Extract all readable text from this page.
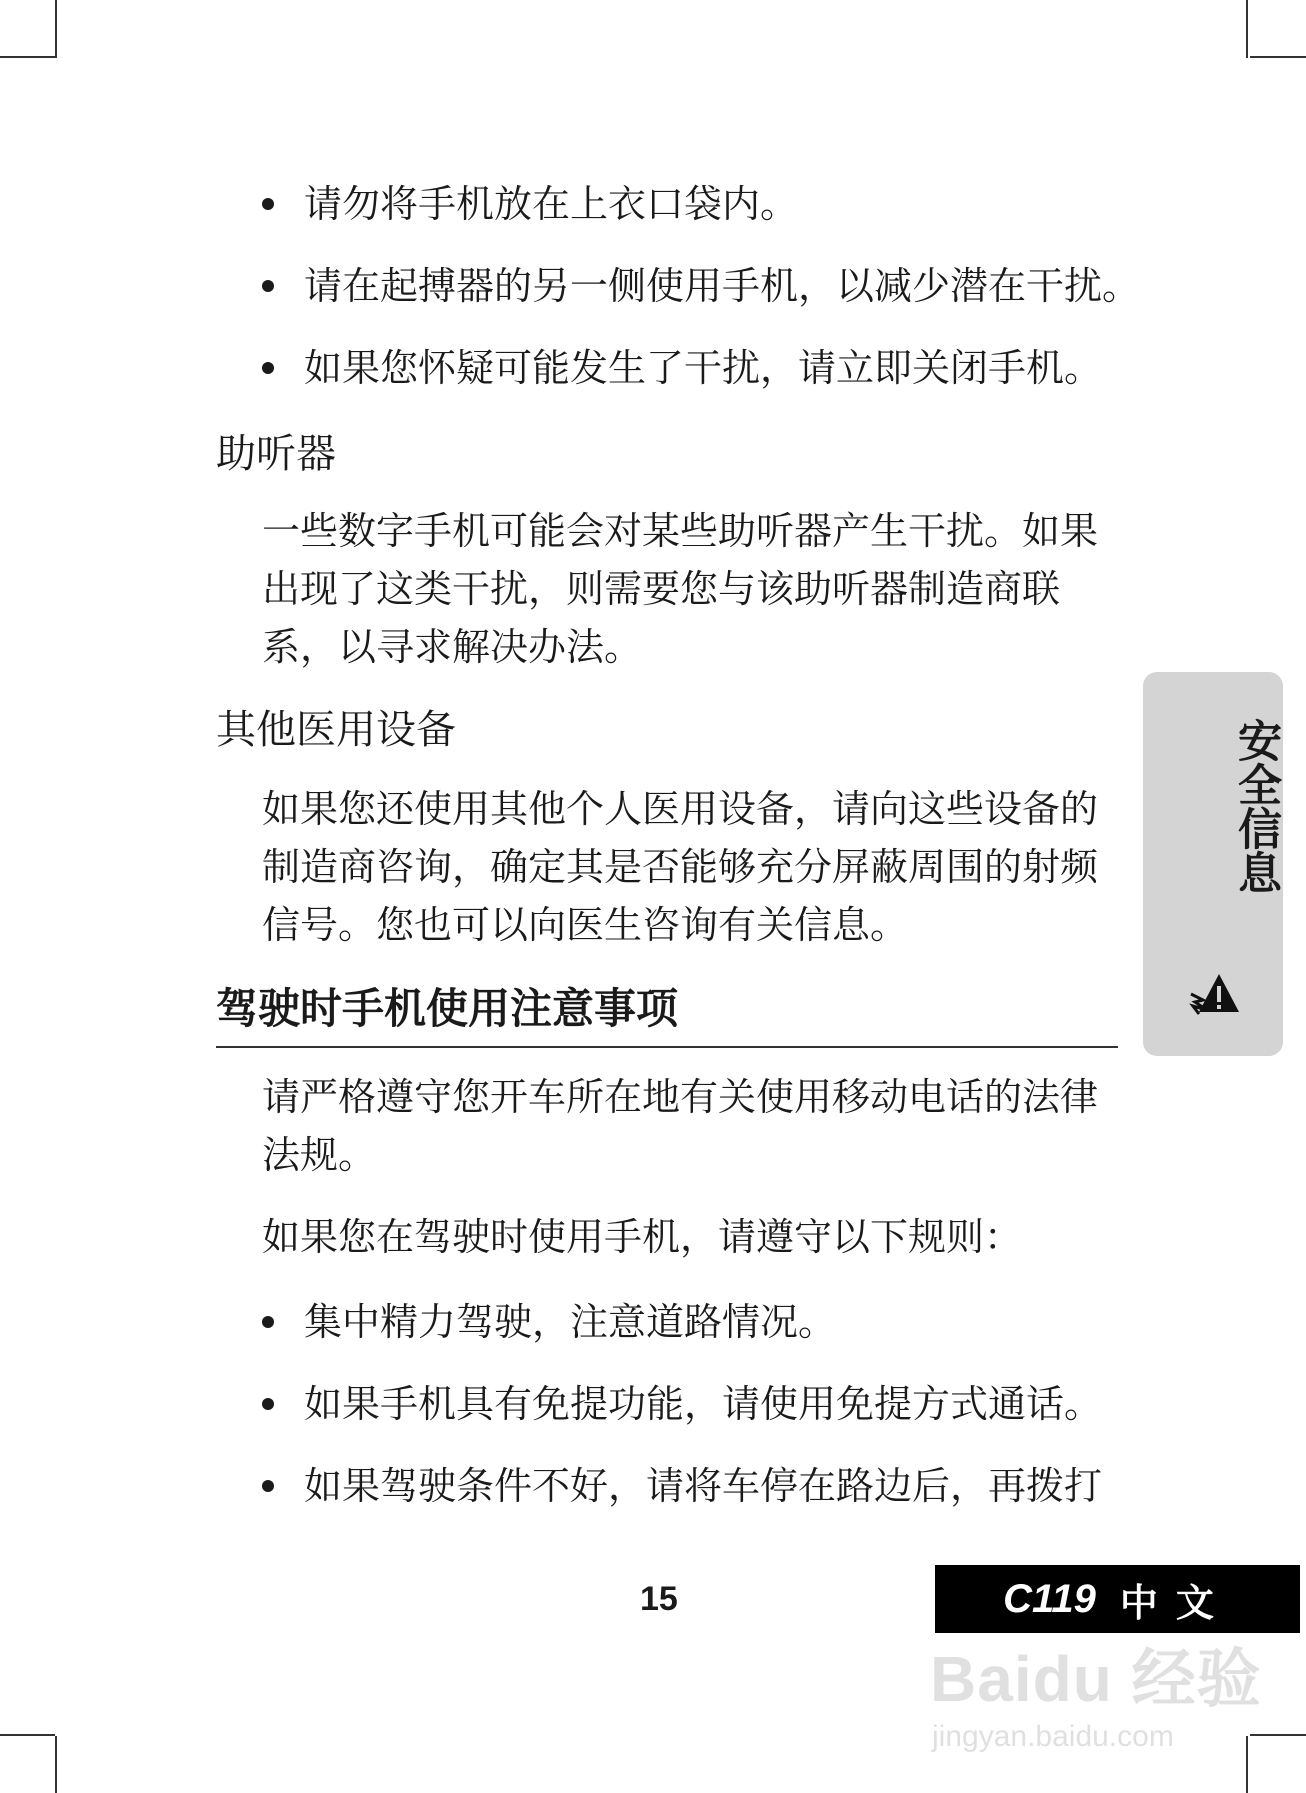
请勿将手机放在上衣口袋内。
请在起搏器的另一侧使用手机，以减少潜在干扰。
如果您怀疑可能发生了干扰，请立即关闭手机。
助听器

一些数字手机可能会对某些助听器产生干扰。如果出现了这类干扰，则需要您与该助听器制造商联系，以寻求解决办法。

其他医用设备

如果您还使用其他个人医用设备，请向这些设备的制造商咨询，确定其是否能够充分屏蔽周围的射频信号。您也可以向医生咨询有关信息。

驾驶时手机使用注意事项

请严格遵守您开车所在地有关使用移动电话的法律法规。

如果您在驾驶时使用手机，请遵守以下规则：

集中精力驾驶，注意道路情况。
如果手机具有免提功能，请使用免提方式通话。
如果驾驶条件不好，请将车停在路边后，再拨打
安全信息
15	C119 中文
Baidu 经验
jingyan.baidu.com
